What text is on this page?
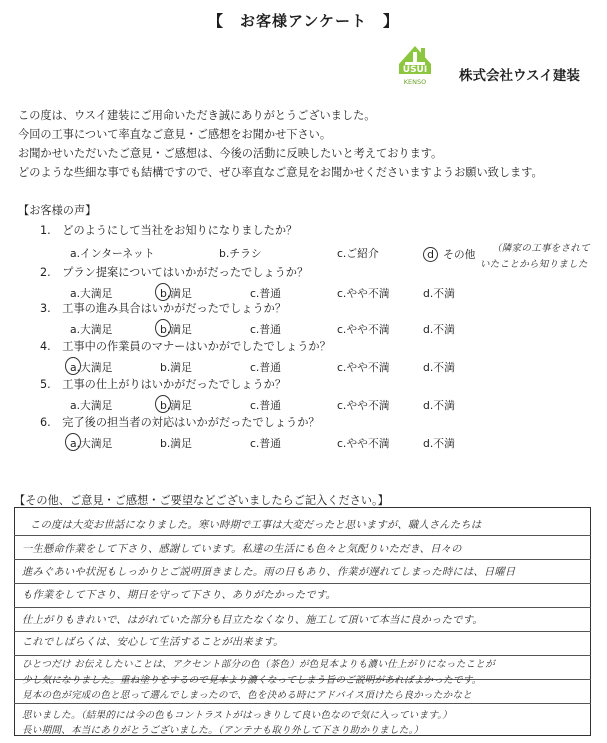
【　お客様アンケート　】
USUI
KENSO 株式会社ウスイ建装

この度は、ウスイ建装にご用命いただき誠にありがとうございました。

今回の工事について率直なご意見・ご感想をお聞かせ下さい。

お聞かせいただいたご意見・ご感想は、今後の活動に反映したいと考えております。

どのような些細な事でも結構ですので、ぜひ率直なご意見をお聞かせくださいますようお願い致します。

【お客様の声】
1. どのようにして当社をお知りになりましたか？
a.インターネット	b.チラシ	c.ご紹介	d その他 （隣家の工事をされて
いたことから知りました
2. プラン提案についてはいかがだったでしょうか？
a.大満足	b.満足	c.普通	c.やや不満	d.不満
3. 工事の進み具合はいかがだったでしょうか？
a.大満足	b.満足	c.普通	c.やや不満	d.不満
4. 工事中の作業員のマナーはいかがでしたでしょうか？
a.大満足	b.満足	c.普通	c.やや不満	d.不満
5. 工事の仕上がりはいかがだったでしょうか？
a.大満足	b.満足	c.普通	c.やや不満	d.不満
6. 完了後の担当者の対応はいかがだったでしょうか？
a.大満足	b.満足	c.普通	c.やや不満	d.不満
【その他、ご意見・ご感想・ご要望などございましたらご記入ください。】
この度は大変お世話になりました。寒い時期で工事は大変だったと思いますが、職人さんたちは
一生懸命作業をして下さり、感謝しています。私達の生活にも色々と気配りいただき、日々の
進みぐあいや状況もしっかりとご説明頂きました。雨の日もあり、作業が遅れてしまった時には、日曜日
も作業をして下さり、期日を守って下さり、ありがたかったです。
仕上がりもきれいで、はがれていた部分も目立たなくなり、施工して頂いて本当に良かったです。
これでしばらくは、安心して生活することが出来ます。
ひとつだけ お伝えしたいことは、アクセント部分の色（茶色）が色見本よりも濃い仕上がりになったことが
少し気になりました。重ね塗りをするので見本より濃くなってしまう旨のご説明があればよかったです。
見本の色が完成の色と思って選んでしまったので、色を決める時にアドバイス頂けたら良かったかなと
思いました。（結果的には今の色もコントラストがはっきりして良い色なので気に入っています。）
長い期間、本当にありがとうございました。（アンテナも取り外して下さり助かりました。）
